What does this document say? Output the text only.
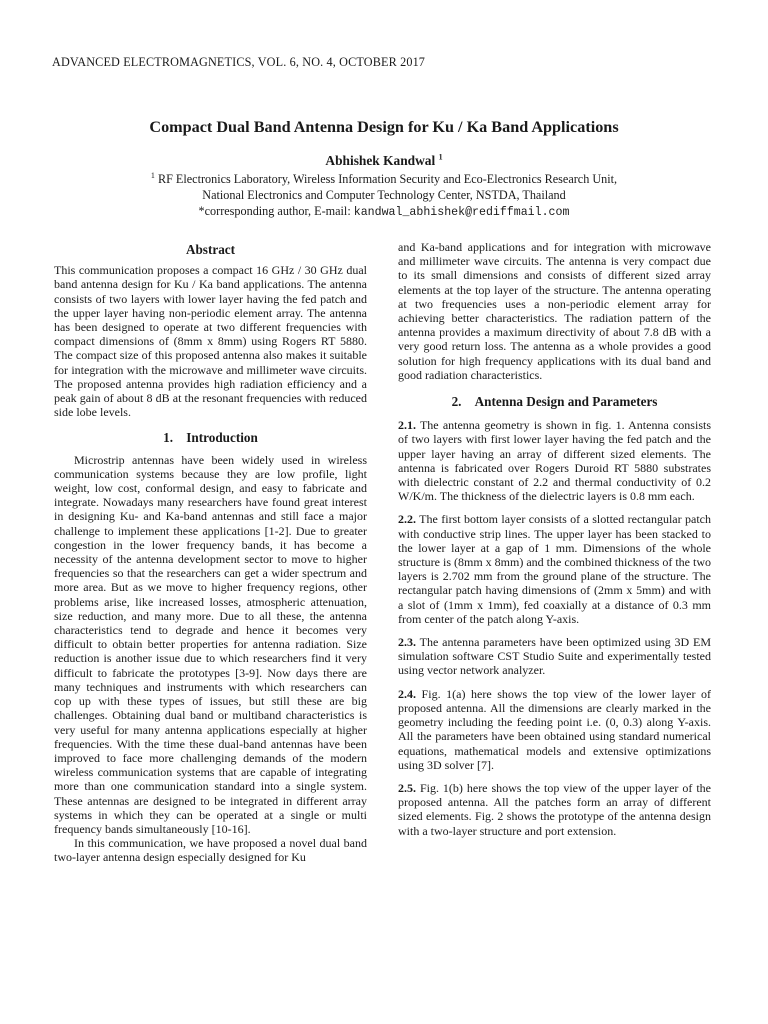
ADVANCED ELECTROMAGNETICS, VOL. 6, NO. 4, OCTOBER 2017
Compact Dual Band Antenna Design for Ku / Ka Band Applications
Abhishek Kandwal $^1$
$^1$ RF Electronics Laboratory, Wireless Information Security and Eco-Electronics Research Unit,
National Electronics and Computer Technology Center, NSTDA, Thailand
*corresponding author, E-mail: kandwal_abhishek@rediffmail.com
Abstract

This communication proposes a compact 16 GHz / 30 GHz dual band antenna design for Ku / Ka band applications. The antenna consists of two layers with lower layer having the fed patch and the upper layer having non-periodic element array. The antenna has been designed to operate at two different frequencies with compact dimensions of (8mm x 8mm) using Rogers RT 5880. The compact size of this proposed antenna also makes it suitable for integration with the microwave and millimeter wave circuits. The proposed antenna provides high radiation efficiency and a peak gain of about 8 dB at the resonant frequencies with reduced side lobe levels.

1. Introduction

Microstrip antennas have been widely used in wireless communication systems because they are low profile, light weight, low cost, conformal design, and easy to fabricate and integrate. Nowadays many researchers have found great interest in designing Ku- and Ka-band antennas and still face a major challenge to implement these applications [1-2]. Due to greater congestion in the lower frequency bands, it has become a necessity of the antenna development sector to move to higher frequencies so that the researchers can get a wider spectrum and more area. But as we move to higher frequency regions, other problems arise, like increased losses, atmospheric attenuation, size reduction, and many more. Due to all these, the antenna characteristics tend to degrade and hence it becomes very difficult to obtain better properties for antenna radiation. Size reduction is another issue due to which researchers find it very difficult to fabricate the prototypes [3-9]. Now days there are many techniques and instruments with which researchers can cop up with these types of issues, but still these are big challenges. Obtaining dual band or multiband characteristics is very useful for many antenna applications especially at higher frequencies. With the time these dual-band antennas have been improved to face more challenging demands of the modern wireless communication systems that are capable of integrating more than one communication standard into a single system. These antennas are designed to be integrated in different array systems in which they can be operated at a single or multi frequency bands simultaneously [10-16].

In this communication, we have proposed a novel dual band two-layer antenna design especially designed for Ku

and Ka-band applications and for integration with microwave and millimeter wave circuits. The antenna is very compact due to its small dimensions and consists of different sized array elements at the top layer of the structure. The antenna operating at two frequencies uses a non-periodic element array for achieving better characteristics. The radiation pattern of the antenna provides a maximum directivity of about 7.8 dB with a very good return loss. The antenna as a whole provides a good solution for high frequency applications with its dual band and good radiation characteristics.

2. Antenna Design and Parameters

2.1. The antenna geometry is shown in fig. 1. Antenna consists of two layers with first lower layer having the fed patch and the upper layer having an array of different sized elements. The antenna is fabricated over Rogers Duroid RT 5880 substrates with dielectric constant of 2.2 and thermal conductivity of 0.2 W/K/m. The thickness of the dielectric layers is 0.8 mm each.

2.2. The first bottom layer consists of a slotted rectangular patch with conductive strip lines. The upper layer has been stacked to the lower layer at a gap of 1 mm. Dimensions of the whole structure is (8mm x 8mm) and the combined thickness of the two layers is 2.702 mm from the ground plane of the structure. The rectangular patch having dimensions of (2mm x 5mm) and with a slot of (1mm x 1mm), fed coaxially at a distance of 0.3 mm from center of the patch along Y-axis.

2.3. The antenna parameters have been optimized using 3D EM simulation software CST Studio Suite and experimentally tested using vector network analyzer.

2.4. Fig. 1(a) here shows the top view of the lower layer of proposed antenna. All the dimensions are clearly marked in the geometry including the feeding point i.e. (0, 0.3) along Y-axis. All the parameters have been obtained using standard numerical equations, mathematical models and extensive optimizations using 3D solver [7].

2.5. Fig. 1(b) here shows the top view of the upper layer of the proposed antenna. All the patches form an array of different sized elements. Fig. 2 shows the prototype of the antenna design with a two-layer structure and port extension.
